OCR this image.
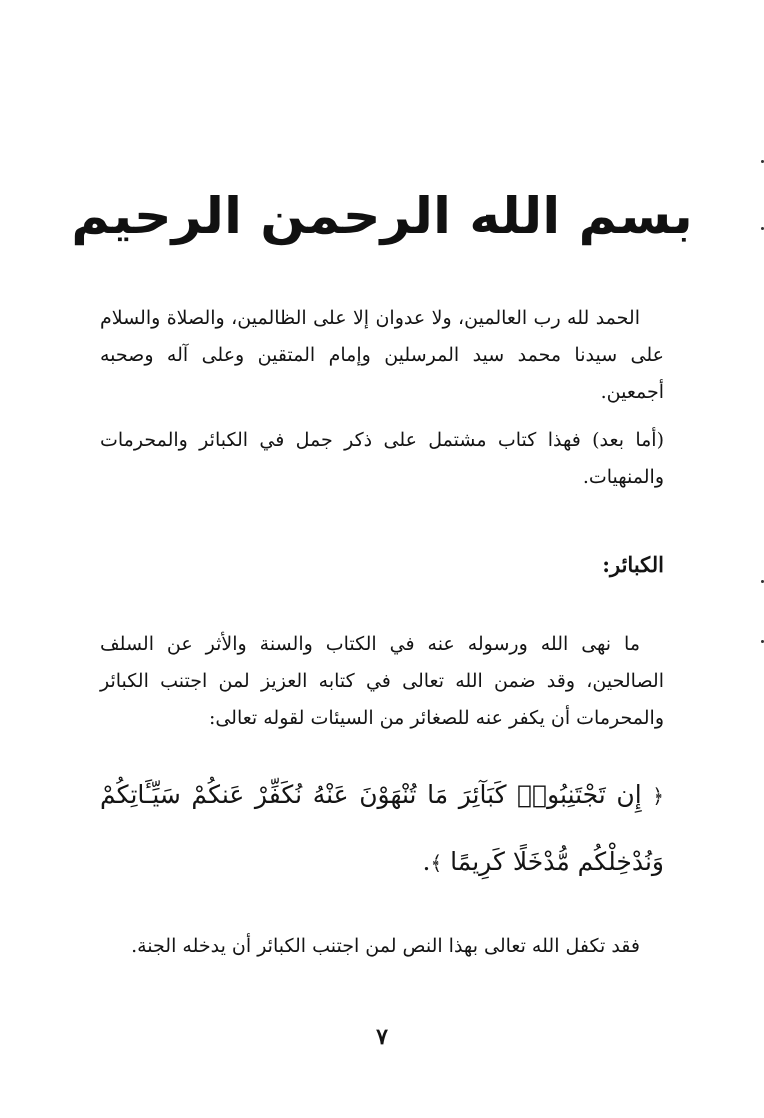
بسم الله الرحمن الرحيم

الحمد لله رب العالمين، ولا عدوان إلا على الظالمين، والصلاة والسلام على سيدنا محمد سيد المرسلين وإمام المتقين وعلى آله وصحبه أجمعين.

(أما بعد) فهذا كتاب مشتمل على ذكر جمل في الكبائر والمحرمات والمنهيات.

الكبائر:

ما نهى الله ورسوله عنه في الكتاب والسنة والأثر عن السلف الصالحين، وقد ضمن الله تعالى في كتابه العزيز لمن اجتنب الكبائر والمحرمات أن يكفر عنه للصغائر من السيئات لقوله تعالى:

﴿ إِن تَجْتَنِبُوا۟ كَبَآئِرَ مَا تُنْهَوْنَ عَنْهُ نُكَفِّرْ عَنكُمْ سَيِّـَٔاتِكُمْ وَنُدْخِلْكُم مُّدْخَلًا كَرِيمًا ﴾.

فقد تكفل الله تعالى بهذا النص لمن اجتنب الكبائر أن يدخله الجنة.

٧
